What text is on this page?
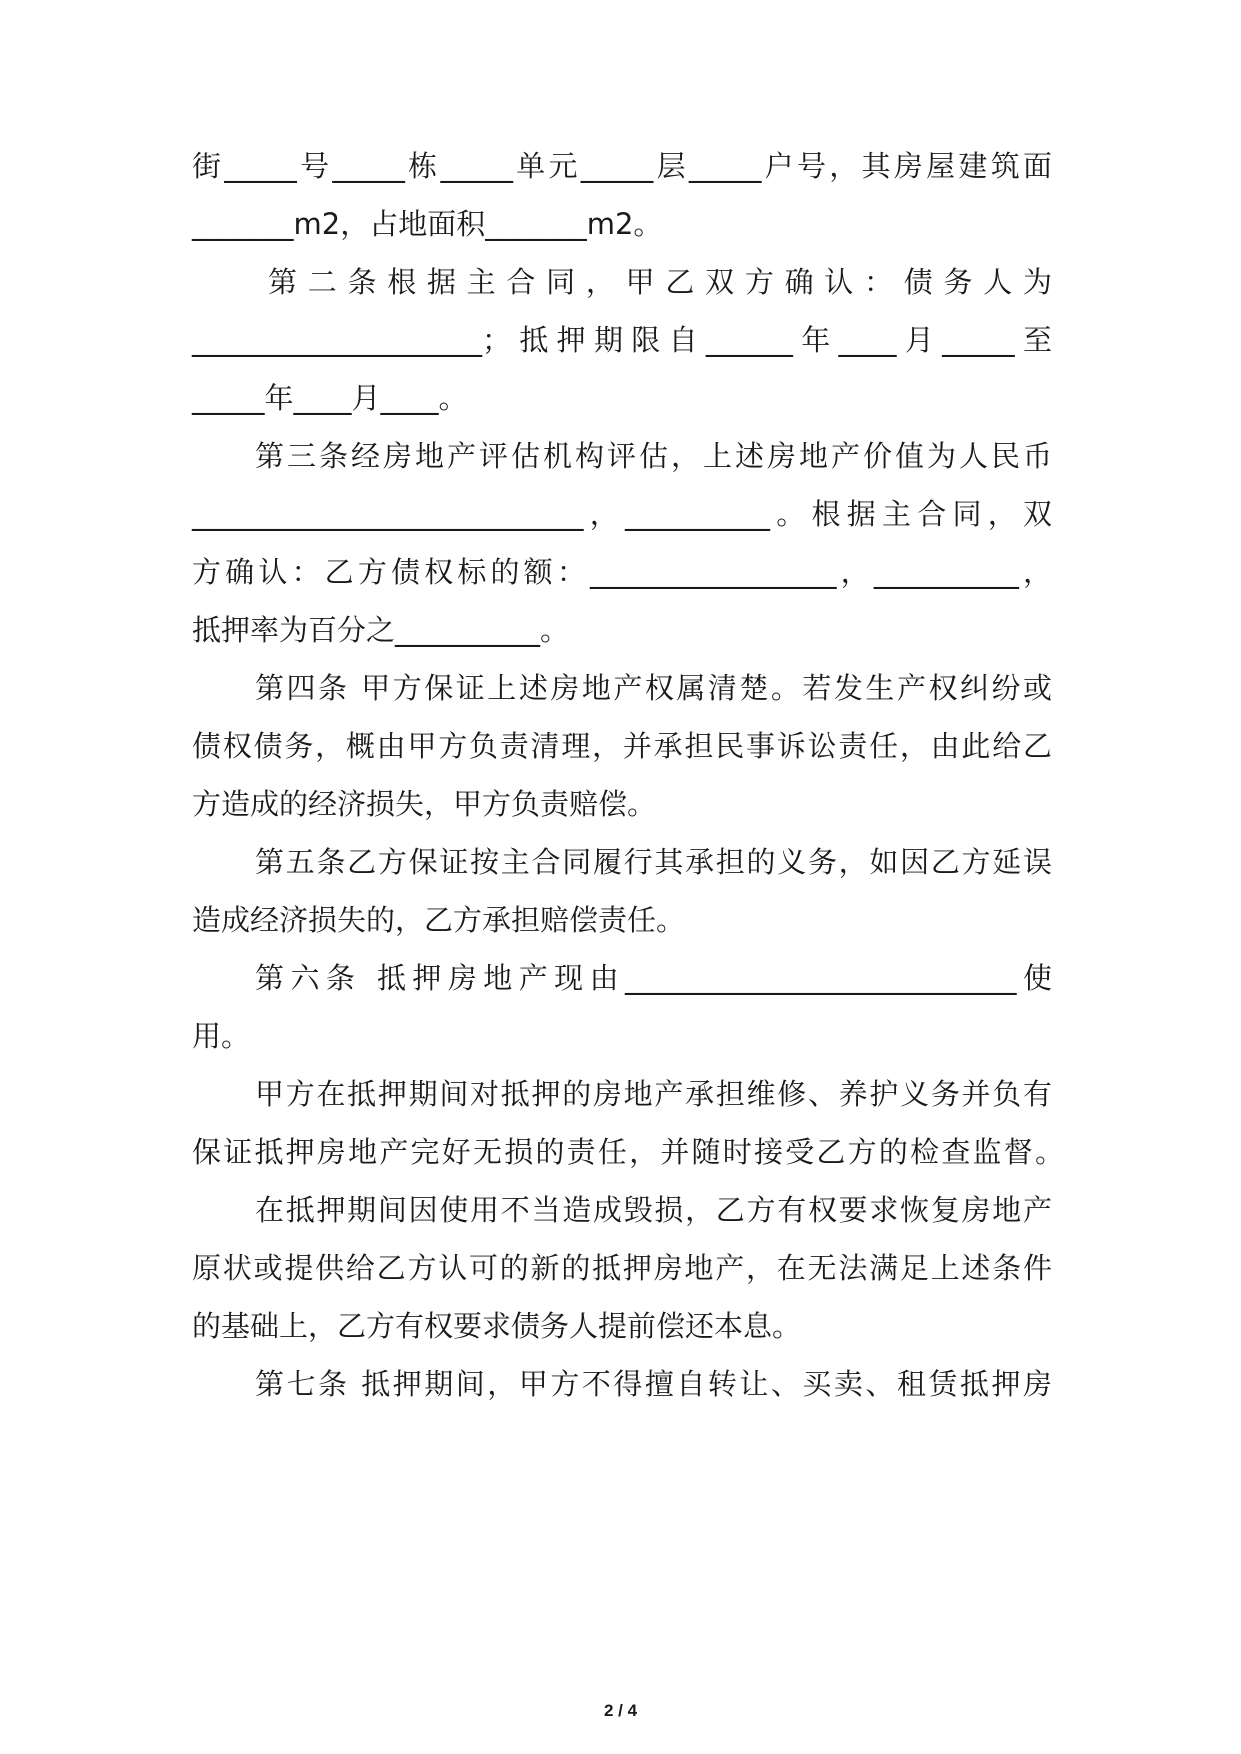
街_____号_____栋_____单元_____层_____户号，其房屋建筑面

_______m2，占地面积_______m2。

第二条根据主合同，甲乙双方确认：债务人为

____________________；抵押期限自______年____月_____至

_____年____月____。

第三条经房地产评估机构评估，上述房地产价值为人民币

___________________________，__________。根据主合同，双

方确认：乙方债权标的额：_________________，__________，

抵押率为百分之__________。

第四条 甲方保证上述房地产权属清楚。若发生产权纠纷或

债权债务，概由甲方负责清理，并承担民事诉讼责任，由此给乙

方造成的经济损失，甲方负责赔偿。

第五条乙方保证按主合同履行其承担的义务，如因乙方延误

造成经济损失的，乙方承担赔偿责任。

第六条 抵押房地产现由___________________________使

用。

甲方在抵押期间对抵押的房地产承担维修、养护义务并负有

保证抵押房地产完好无损的责任，并随时接受乙方的检查监督。

在抵押期间因使用不当造成毁损，乙方有权要求恢复房地产

原状或提供给乙方认可的新的抵押房地产，在无法满足上述条件

的基础上，乙方有权要求债务人提前偿还本息。

第七条 抵押期间，甲方不得擅自转让、买卖、租赁抵押房

2 / 4
